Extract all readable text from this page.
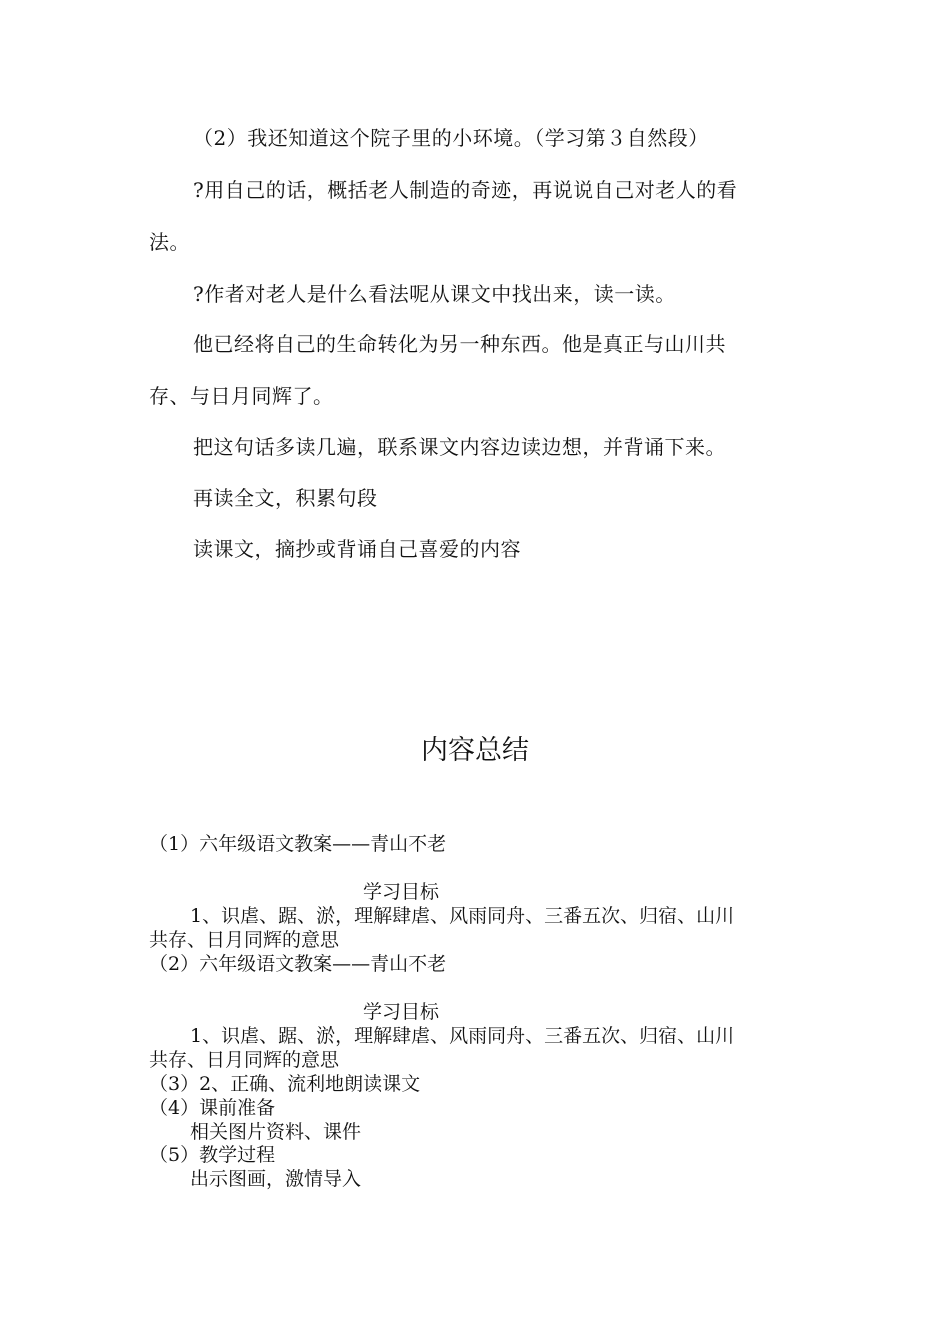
（2）我还知道这个院子里的小环境。（学习第３自然段）
?用自己的话，概括老人制造的奇迹，再说说自己对老人的看
法。
?作者对老人是什么看法呢从课文中找出来，读一读。
他已经将自己的生命转化为另一种东西。他是真正与山川共
存、与日月同辉了。
把这句话多读几遍，联系课文内容边读边想，并背诵下来。
再读全文，积累句段
读课文，摘抄或背诵自己喜爱的内容
内容总结
（1）六年级语文教案——青山不老
学习目标
1、识虐、踞、淤，理解肆虐、风雨同舟、三番五次、归宿、山川
共存、日月同辉的意思
（2）六年级语文教案——青山不老
学习目标
1、识虐、踞、淤，理解肆虐、风雨同舟、三番五次、归宿、山川
共存、日月同辉的意思
（3）2、正确、流利地朗读课文
（4）课前准备
相关图片资料、课件
（5）教学过程
出示图画，激情导入
